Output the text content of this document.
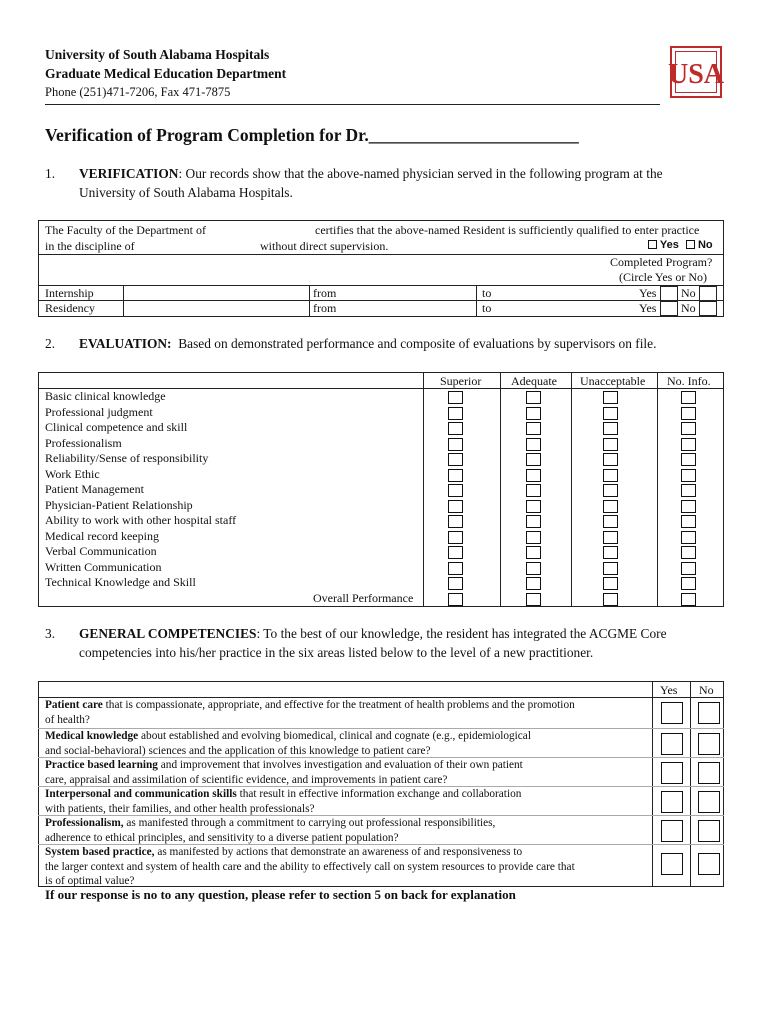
University of South Alabama Hospitals
Graduate Medical Education Department
Phone (251)471-7206, Fax 471-7875
USA
Verification of Program Completion for Dr.________________________
1. VERIFICATION: Our records show that the above-named physician served in the following program at the
University of South Alabama Hospitals.
The Faculty of the Department of	certifies that the above-named Resident is sufficiently qualified to enter practice
in the discipline of	without direct supervision.	Yes No
Completed Program?
(Circle Yes or No)
Internship	from	to	Yes No
Residency	from	to	Yes No
2. EVALUATION: Based on demonstrated performance and composite of evaluations by supervisors on file.
Superior Adequate Unacceptable No. Info.
Basic clinical knowledge
Professional judgment
Clinical competence and skill
Professionalism
Reliability/Sense of responsibility
Work Ethic
Patient Management
Physician-Patient Relationship
Ability to work with other hospital staff
Medical record keeping
Verbal Communication
Written Communication
Technical Knowledge and Skill
Overall Performance
3. GENERAL COMPETENCIES: To the best of our knowledge, the resident has integrated the ACGME Core
competencies into his/her practice in the six areas listed below to the level of a new practitioner.
Yes No
Patient care that is compassionate, appropriate, and effective for the treatment of health problems and the promotion
of health?
Medical knowledge about established and evolving biomedical, clinical and cognate (e.g., epidemiological
and social-behavioral) sciences and the application of this knowledge to patient care?
Practice based learning and improvement that involves investigation and evaluation of their own patient
care, appraisal and assimilation of scientific evidence, and improvements in patient care?
Interpersonal and communication skills that result in effective information exchange and collaboration
with patients, their families, and other health professionals?
Professionalism, as manifested through a commitment to carrying out professional responsibilities,
adherence to ethical principles, and sensitivity to a diverse patient population?
System based practice, as manifested by actions that demonstrate an awareness of and responsiveness to
the larger context and system of health care and the ability to effectively call on system resources to provide care that
is of optimal value?
If our response is no to any question, please refer to section 5 on back for explanation
